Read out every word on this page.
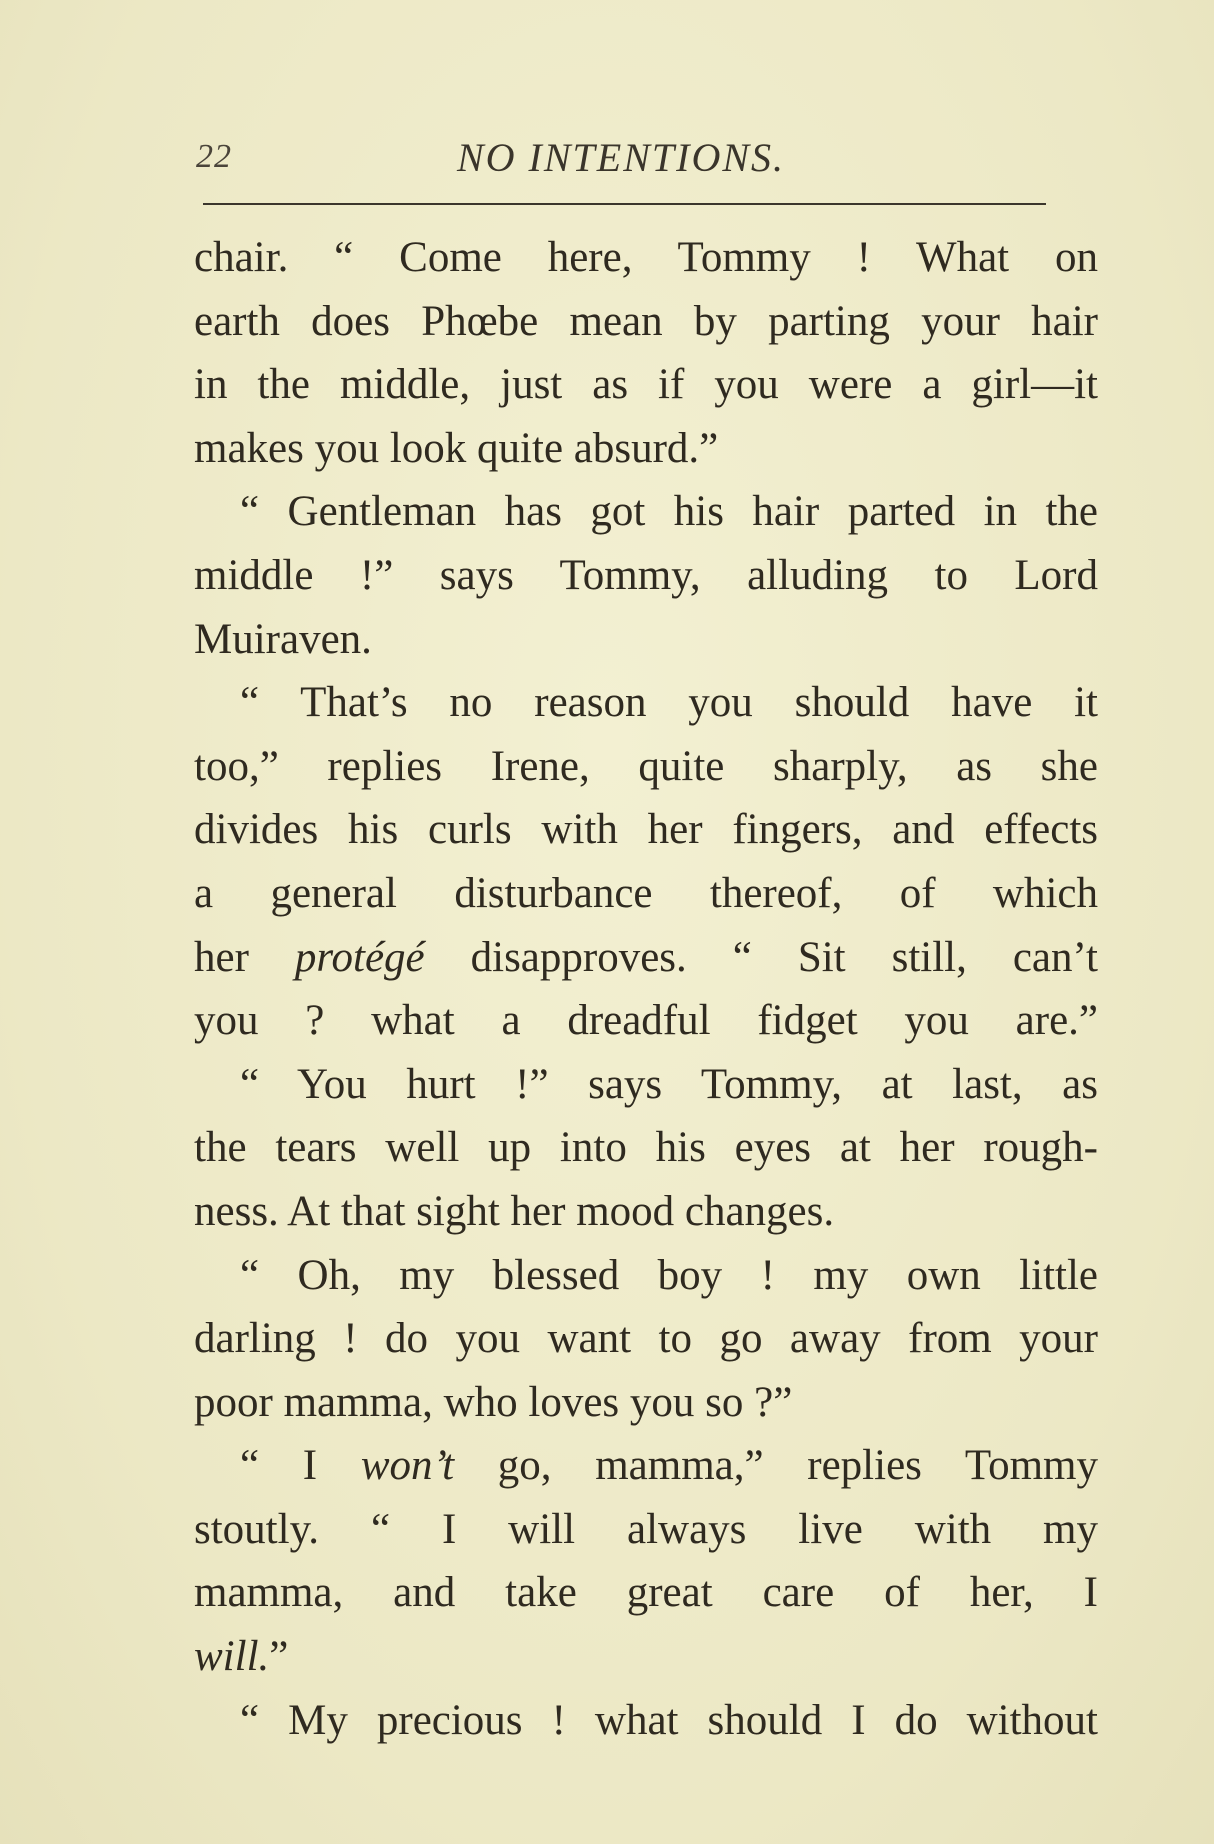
22	NO INTENTIONS.
chair. “ Come here, Tommy ! What on
earth does Phœbe mean by parting your hair
in the middle, just as if you were a girl—it
makes you look quite absurd.”
“ Gentleman has got his hair parted in the
middle !” says Tommy, alluding to Lord
Muiraven.
“ That’s no reason you should have it
too,” replies Irene, quite sharply, as she
divides his curls with her fingers, and effects
a general disturbance thereof, of which
her protégé disapproves. “ Sit still, can’t
you ? what a dreadful fidget you are.”
“ You hurt !” says Tommy, at last, as
the tears well up into his eyes at her rough-
ness. At that sight her mood changes.
“ Oh, my blessed boy ! my own little
darling ! do you want to go away from your
poor mamma, who loves you so ?”
“ I won’t go, mamma,” replies Tommy
stoutly. “ I will always live with my
mamma, and take great care of her, I
will.”
“ My precious ! what should I do without
